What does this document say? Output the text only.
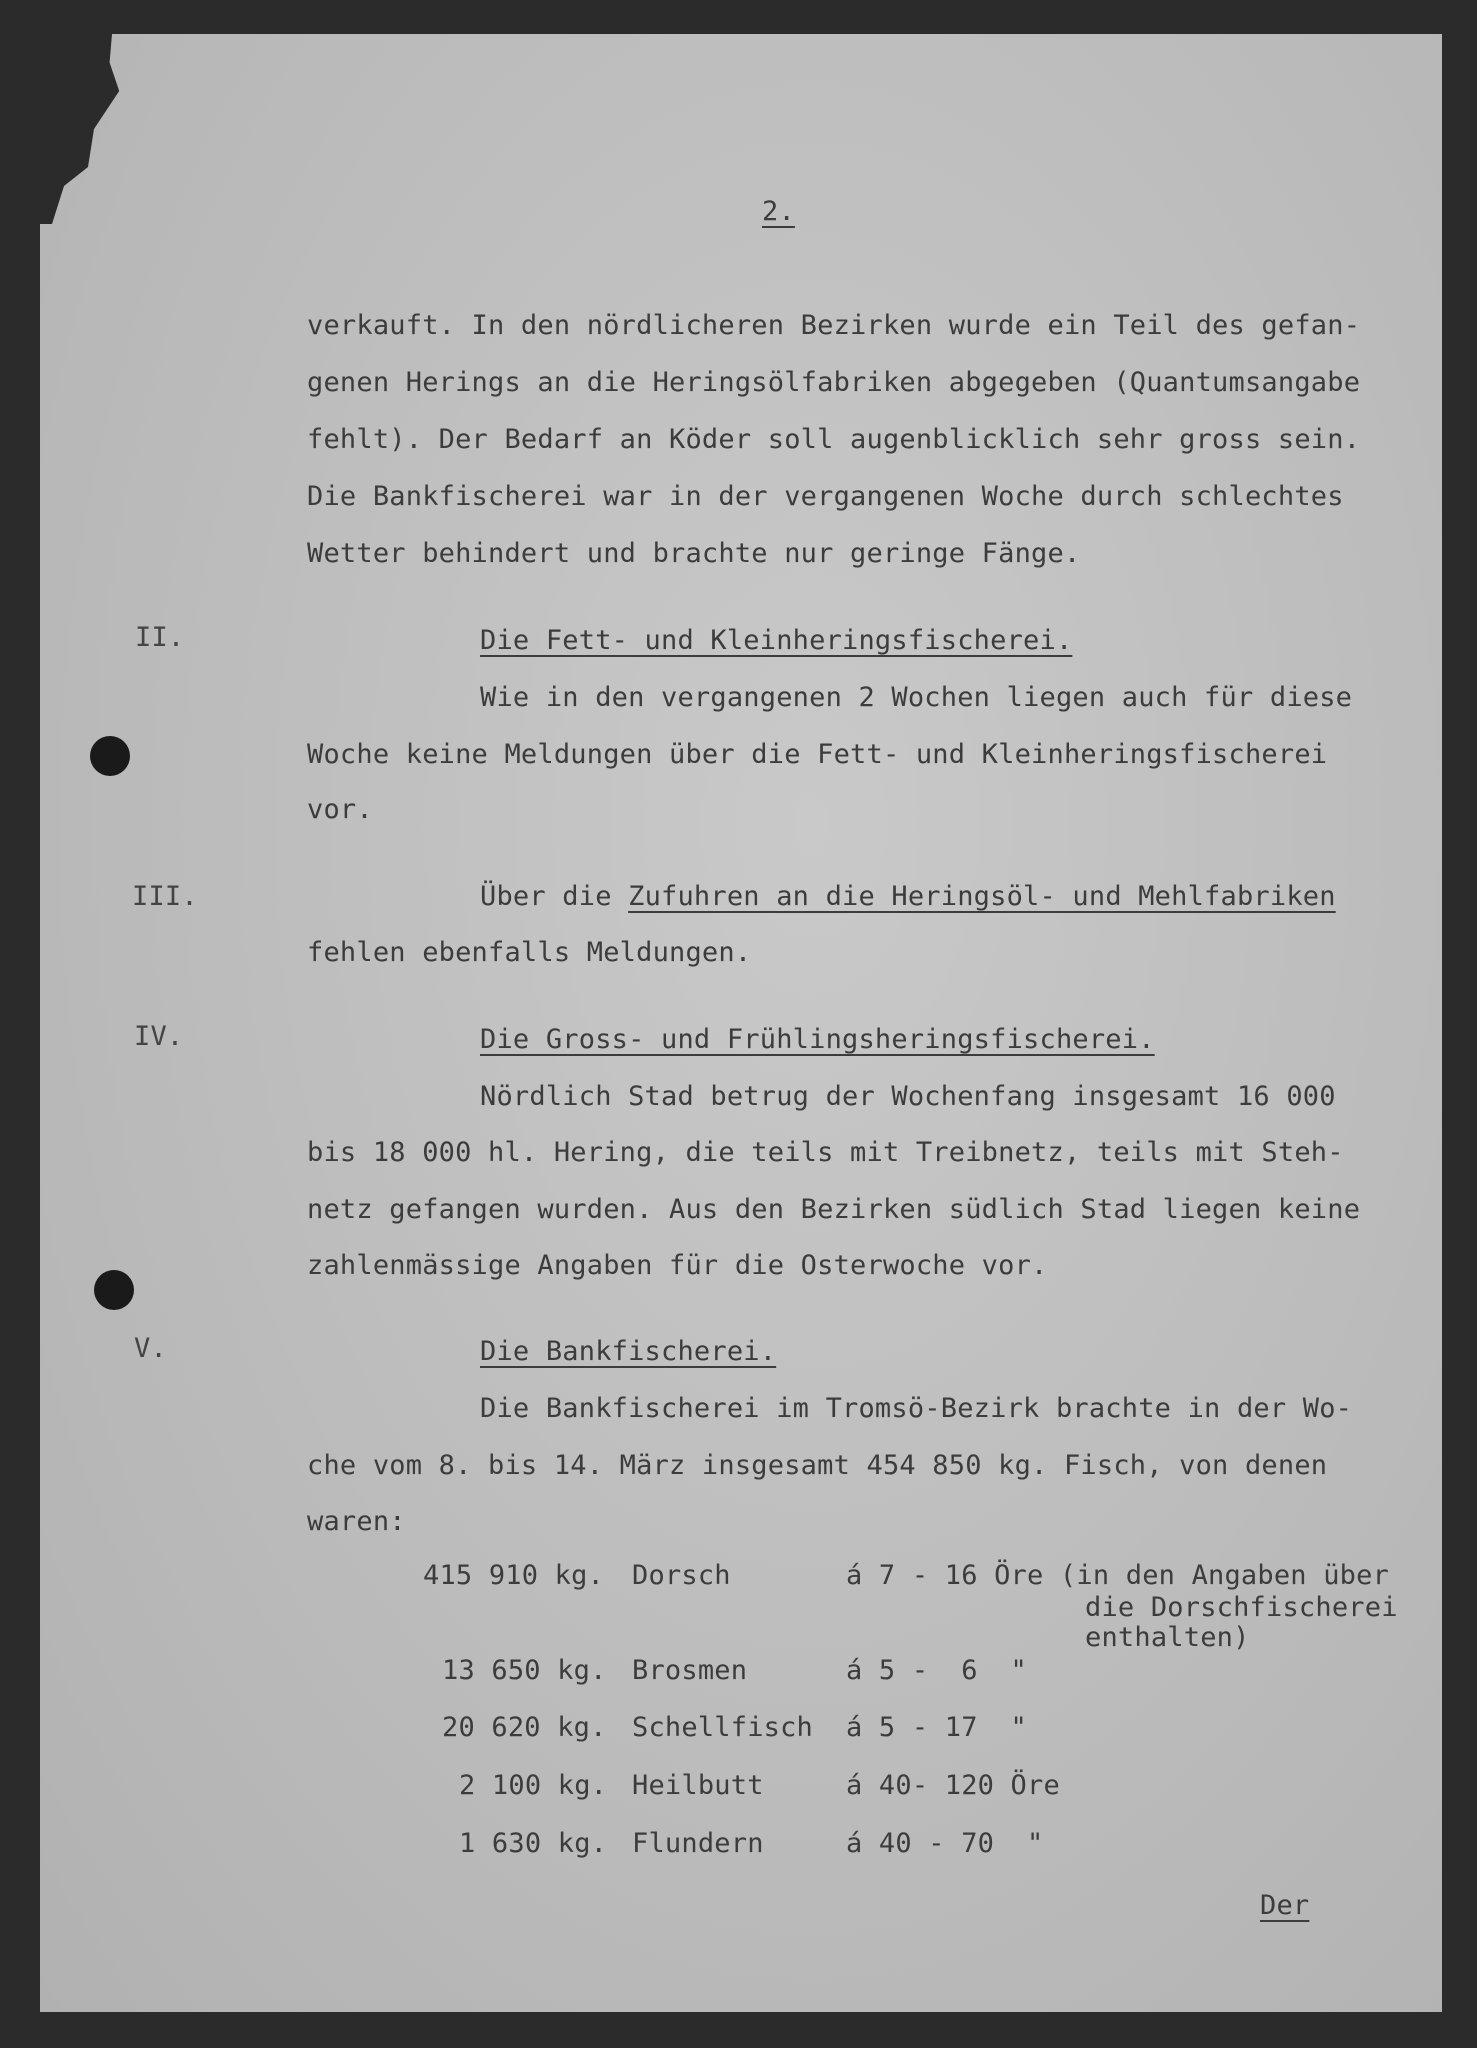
2.
verkauft. In den nördlicheren Bezirken wurde ein Teil des gefan-
genen Herings an die Heringsölfabriken abgegeben (Quantumsangabe
fehlt). Der Bedarf an Köder soll augenblicklich sehr gross sein.
Die Bankfischerei war in der vergangenen Woche durch schlechtes
Wetter behindert und brachte nur geringe Fänge.
II.	Die Fett- und Kleinheringsfischerei.
Wie in den vergangenen 2 Wochen liegen auch für diese
Woche keine Meldungen über die Fett- und Kleinheringsfischerei
vor.
III.	Über die Zufuhren an die Heringsöl- und Mehlfabriken
fehlen ebenfalls Meldungen.
IV.	Die Gross- und Frühlingsheringsfischerei.
Nördlich Stad betrug der Wochenfang insgesamt 16 000
bis 18 000 hl. Hering, die teils mit Treibnetz, teils mit Steh-
netz gefangen wurden. Aus den Bezirken südlich Stad liegen keine
zahlenmässige Angaben für die Osterwoche vor.
V.	Die Bankfischerei.
Die Bankfischerei im Tromsö-Bezirk brachte in der Wo-
che vom 8. bis 14. März insgesamt 454 850 kg. Fisch, von denen
waren:
415 910 kg. Dorsch	á 7 - 16 Öre (in den Angaben über
die Dorschfischerei
enthalten)
13 650 kg. Brosmen	á 5 -  6  "
20 620 kg. Schellfisch á 5 - 17  "
2 100 kg. Heilbutt	á 40- 120 Öre
1 630 kg. Flundern	á 40 - 70  "
Der
